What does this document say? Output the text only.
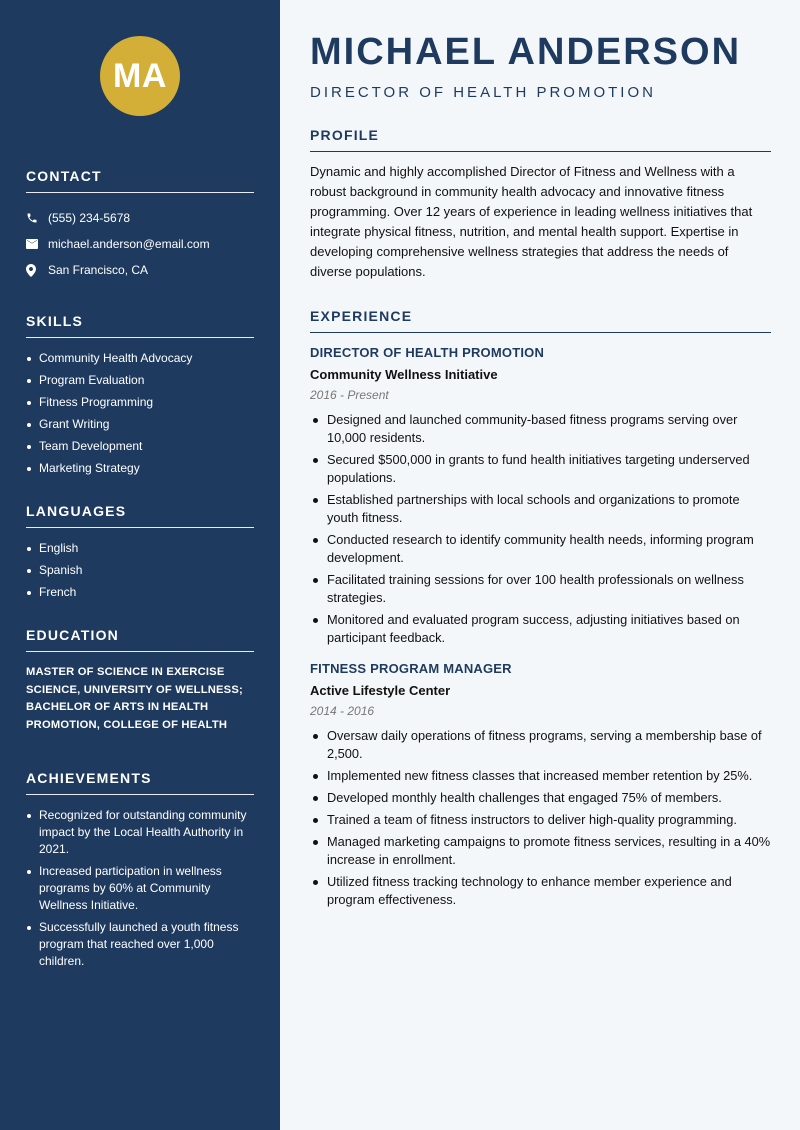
MA
CONTACT
(555) 234-5678
michael.anderson@email.com
San Francisco, CA
SKILLS
Community Health Advocacy
Program Evaluation
Fitness Programming
Grant Writing
Team Development
Marketing Strategy
LANGUAGES
English
Spanish
French
EDUCATION
MASTER OF SCIENCE IN EXERCISE SCIENCE, UNIVERSITY OF WELLNESS; BACHELOR OF ARTS IN HEALTH PROMOTION, COLLEGE OF HEALTH
ACHIEVEMENTS
Recognized for outstanding community impact by the Local Health Authority in 2021.
Increased participation in wellness programs by 60% at Community Wellness Initiative.
Successfully launched a youth fitness program that reached over 1,000 children.
MICHAEL ANDERSON
DIRECTOR OF HEALTH PROMOTION
PROFILE

Dynamic and highly accomplished Director of Fitness and Wellness with a robust background in community health advocacy and innovative fitness programming. Over 12 years of experience in leading wellness initiatives that integrate physical fitness, nutrition, and mental health support. Expertise in developing comprehensive wellness strategies that address the needs of diverse populations.

EXPERIENCE
DIRECTOR OF HEALTH PROMOTION
Community Wellness Initiative
2016 - Present
Designed and launched community-based fitness programs serving over 10,000 residents.
Secured $500,000 in grants to fund health initiatives targeting underserved populations.
Established partnerships with local schools and organizations to promote youth fitness.
Conducted research to identify community health needs, informing program development.
Facilitated training sessions for over 100 health professionals on wellness strategies.
Monitored and evaluated program success, adjusting initiatives based on participant feedback.
FITNESS PROGRAM MANAGER
Active Lifestyle Center
2014 - 2016
Oversaw daily operations of fitness programs, serving a membership base of 2,500.
Implemented new fitness classes that increased member retention by 25%.
Developed monthly health challenges that engaged 75% of members.
Trained a team of fitness instructors to deliver high-quality programming.
Managed marketing campaigns to promote fitness services, resulting in a 40% increase in enrollment.
Utilized fitness tracking technology to enhance member experience and program effectiveness.
